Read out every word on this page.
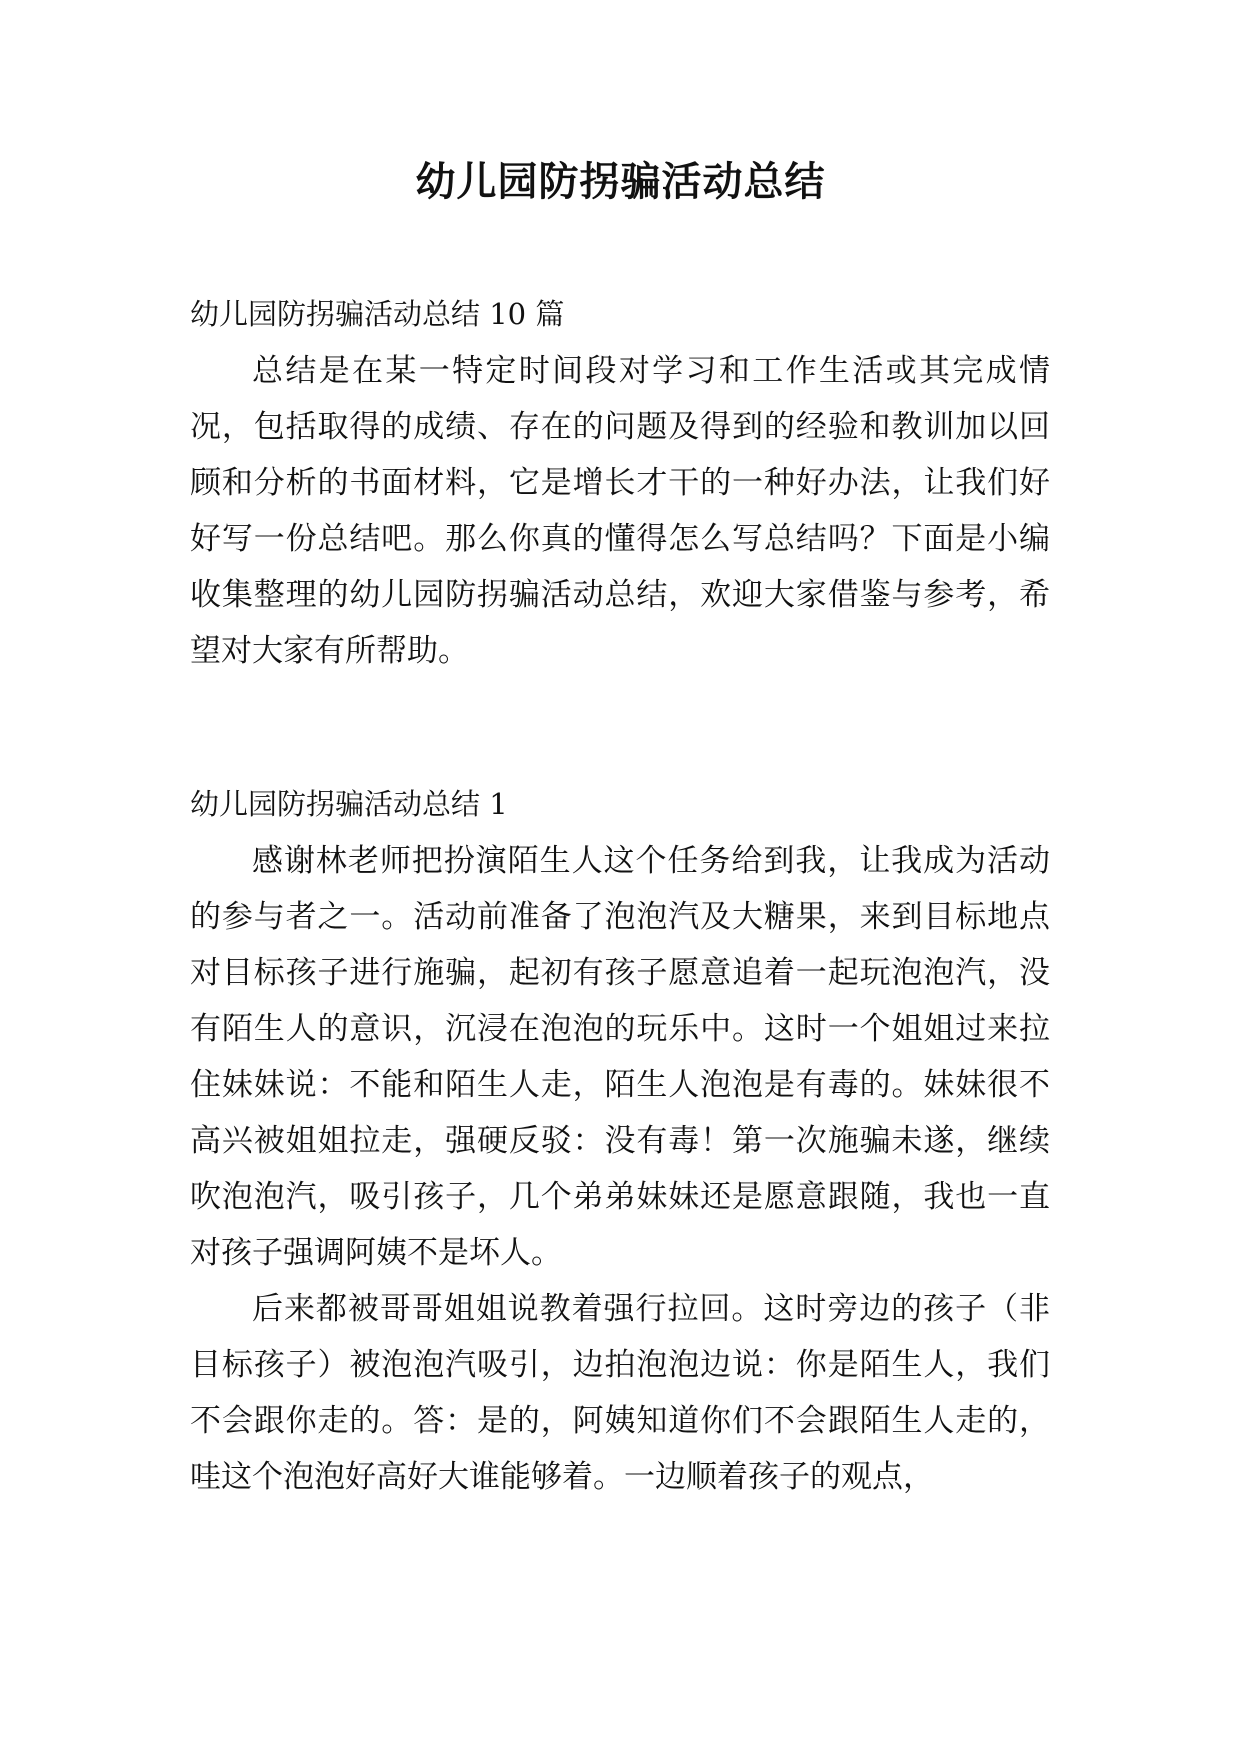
幼儿园防拐骗活动总结
幼儿园防拐骗活动总结 10 篇

总结是在某一特定时间段对学习和工作生活或其完成情况，包括取得的成绩、存在的问题及得到的经验和教训加以回顾和分析的书面材料，它是增长才干的一种好办法，让我们好好写一份总结吧。那么你真的懂得怎么写总结吗？下面是小编收集整理的幼儿园防拐骗活动总结，欢迎大家借鉴与参考，希望对大家有所帮助。

幼儿园防拐骗活动总结 1

感谢林老师把扮演陌生人这个任务给到我，让我成为活动的参与者之一。活动前准备了泡泡汽及大糖果，来到目标地点对目标孩子进行施骗，起初有孩子愿意追着一起玩泡泡汽，没有陌生人的意识，沉浸在泡泡的玩乐中。这时一个姐姐过来拉住妹妹说：不能和陌生人走，陌生人泡泡是有毒的。妹妹很不高兴被姐姐拉走，强硬反驳：没有毒！第一次施骗未遂，继续吹泡泡汽，吸引孩子，几个弟弟妹妹还是愿意跟随，我也一直对孩子强调阿姨不是坏人。

后来都被哥哥姐姐说教着强行拉回。这时旁边的孩子（非目标孩子）被泡泡汽吸引，边拍泡泡边说：你是陌生人，我们不会跟你走的。答：是的，阿姨知道你们不会跟陌生人走的，哇这个泡泡好高好大谁能够着。一边顺着孩子的观点，
